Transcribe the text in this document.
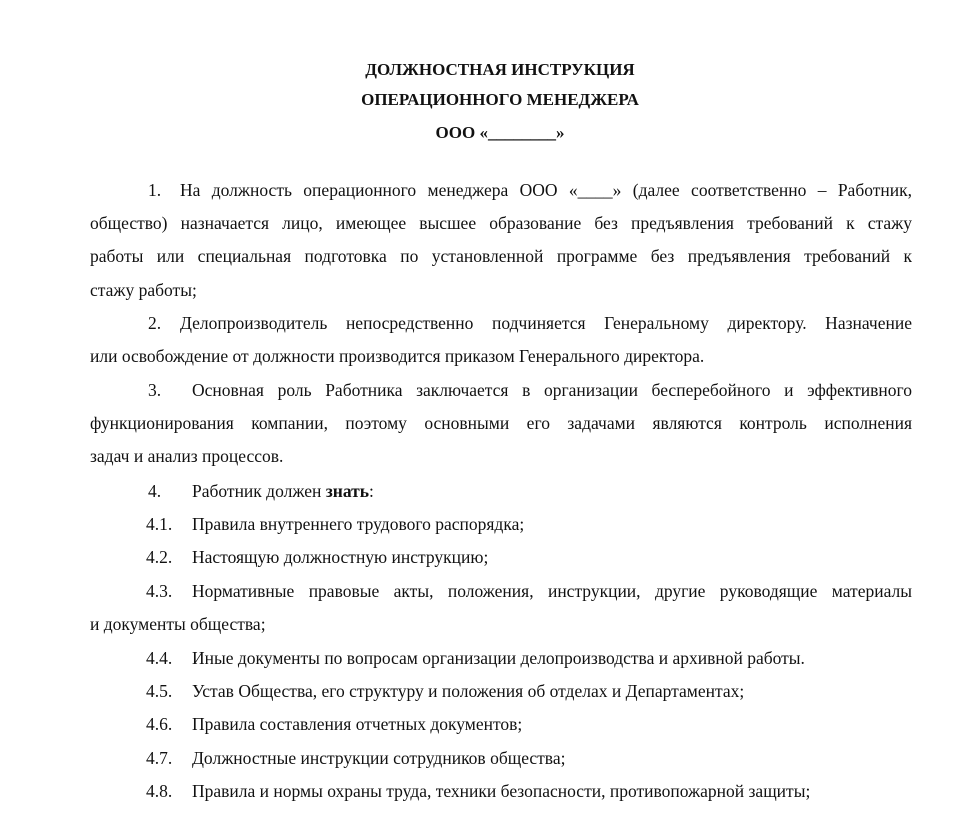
ДОЛЖНОСТНАЯ ИНСТРУКЦИЯ
ОПЕРАЦИОННОГО МЕНЕДЖЕРА
ООО «________»
1. На должность операционного менеджера ООО «____» (далее соответственно – Работник,
общество) назначается лицо, имеющее высшее образование без предъявления требований к стажу
работы или специальная подготовка по установленной программе без предъявления требований к
стажу работы;
2. Делопроизводитель непосредственно подчиняется Генеральному директору. Назначение
или освобождение от должности производится приказом Генерального директора.
3. Основная роль Работника заключается в организации бесперебойного и эффективного
функционирования компании, поэтому основными его задачами являются контроль исполнения
задач и анализ процессов.
4. Работник должен знать:
4.1. Правила внутреннего трудового распорядка;
4.2. Настоящую должностную инструкцию;
4.3. Нормативные правовые акты, положения, инструкции, другие руководящие материалы
и документы общества;
4.4. Иные документы по вопросам организации делопроизводства и архивной работы.
4.5. Устав Общества, его структуру и положения об отделах и Департаментах;
4.6. Правила составления отчетных документов;
4.7. Должностные инструкции сотрудников общества;
4.8. Правила и нормы охраны труда, техники безопасности, противопожарной защиты;
